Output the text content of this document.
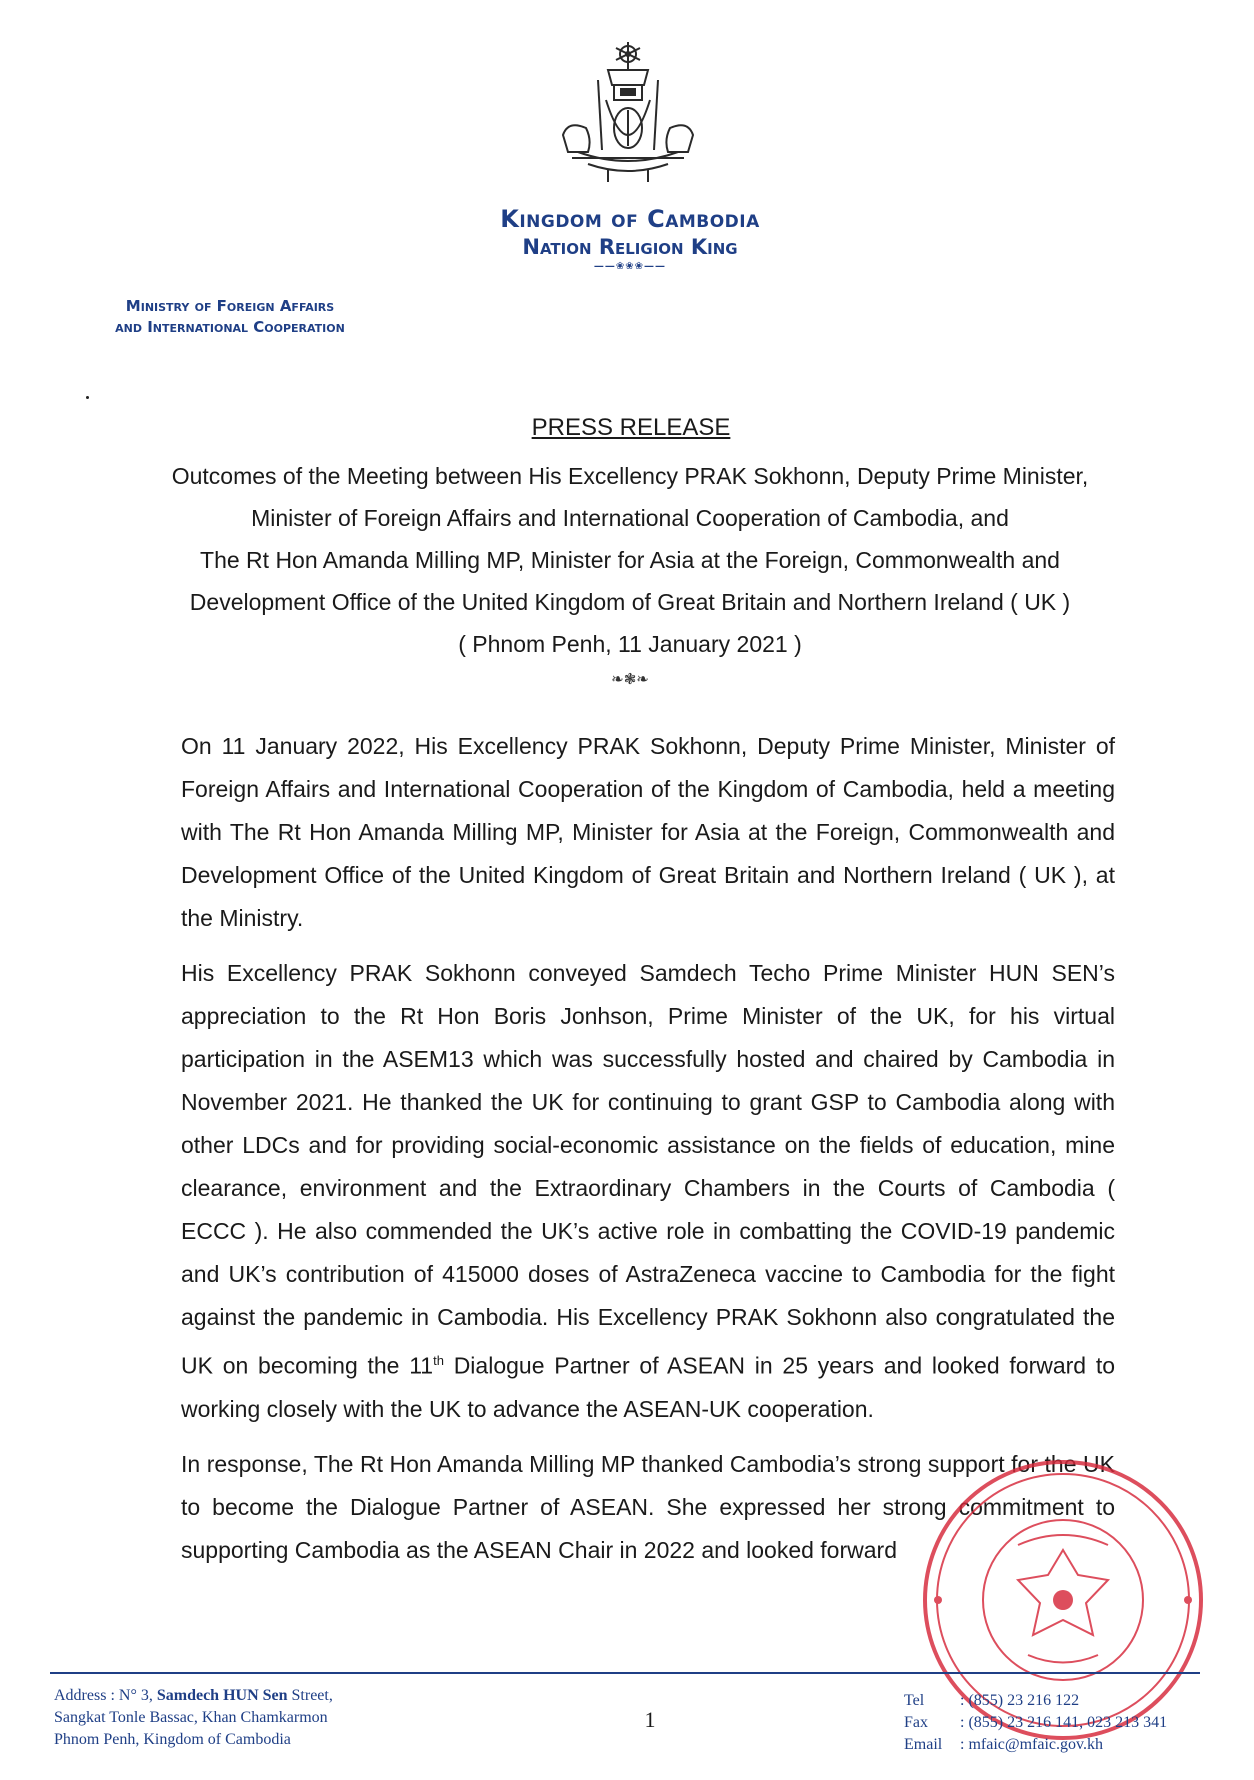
Kingdom of Cambodia
Nation Religion King
——❀❀❀——
Ministry of Foreign Affairs
and International Cooperation
PRESS RELEASE
Outcomes of the Meeting between His Excellency PRAK Sokhonn, Deputy Prime Minister,
Minister of Foreign Affairs and International Cooperation of Cambodia, and
The Rt Hon Amanda Milling MP, Minister for Asia at the Foreign, Commonwealth and
Development Office of the United Kingdom of Great Britain and Northern Ireland ( UK )
( Phnom Penh, 11 January 2021 )
❧❃❧

On 11 January 2022, His Excellency PRAK Sokhonn, Deputy Prime Minister, Minister of Foreign Affairs and International Cooperation of the Kingdom of Cambodia, held a meeting with The Rt Hon Amanda Milling MP, Minister for Asia at the Foreign, Commonwealth and Development Office of the United Kingdom of Great Britain and Northern Ireland ( UK ), at the Ministry.

His Excellency PRAK Sokhonn conveyed Samdech Techo Prime Minister HUN SEN’s appreciation to the Rt Hon Boris Jonhson, Prime Minister of the UK, for his virtual participation in the ASEM13 which was successfully hosted and chaired by Cambodia in November 2021. He thanked the UK for continuing to grant GSP to Cambodia along with other LDCs and for providing social-economic assistance on the fields of education, mine clearance, environment and the Extraordinary Chambers in the Courts of Cambodia ( ECCC ). He also commended the UK’s active role in combatting the COVID-19 pandemic and UK’s contribution of 415000 doses of AstraZeneca vaccine to Cambodia for the fight against the pandemic in Cambodia. His Excellency PRAK Sokhonn also congratulated the UK on becoming the 11th Dialogue Partner of ASEAN in 25 years and looked forward to working closely with the UK to advance the ASEAN-UK cooperation.

In response, The Rt Hon Amanda Milling MP thanked Cambodia’s strong support for the UK to become the Dialogue Partner of ASEAN. She expressed her strong commitment to supporting Cambodia as the ASEAN Chair in 2022 and looked forward

Address : N° 3, Samdech HUN Sen Street,
Sangkat Tonle Bassac, Khan Chamkarmon
Phnom Penh, Kingdom of Cambodia
1
Tel : (855) 23 216 122
Fax : (855) 23 216 141, 023 213 341
Email : mfaic@mfaic.gov.kh
